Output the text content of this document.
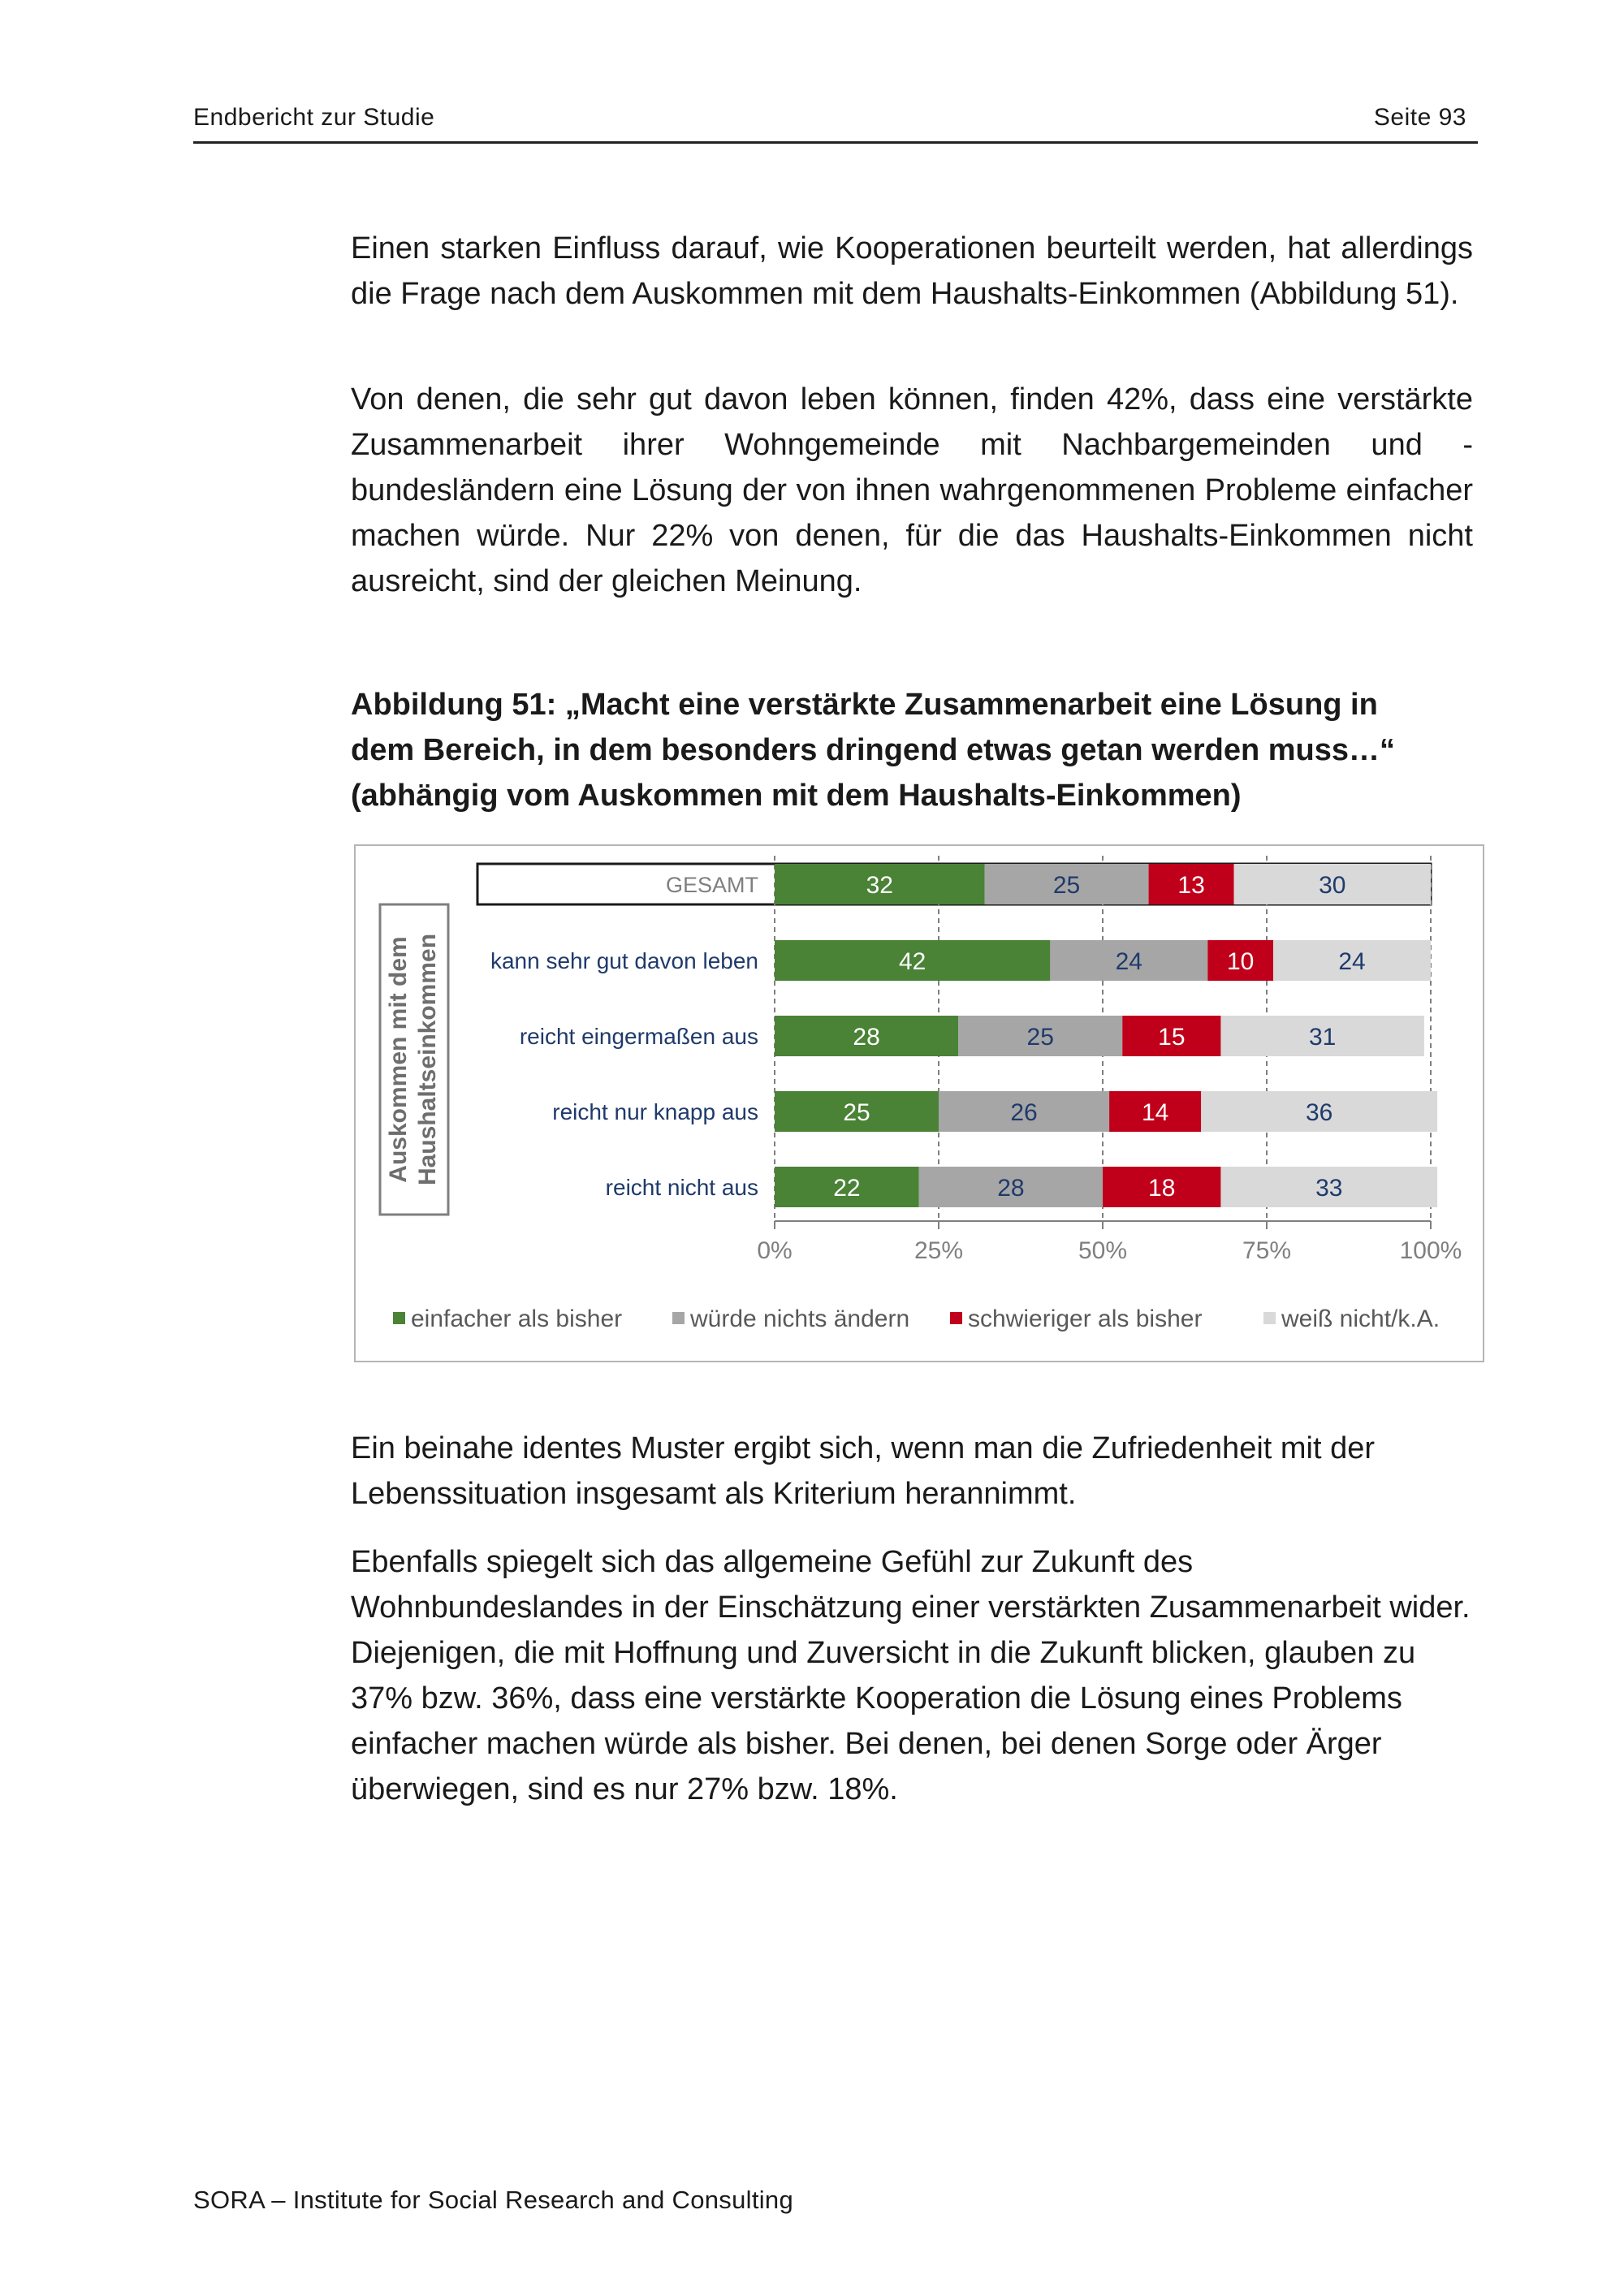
Endbericht zur Studie	Seite 93

Einen starken Einfluss darauf, wie Kooperationen beurteilt werden, hat allerdings die Frage nach dem Auskommen mit dem Haushalts-Einkommen (Abbildung 51).

Von denen, die sehr gut davon leben können, finden 42%, dass eine verstärkte Zusammenarbeit ihrer Wohngemeinde mit Nachbargemeinden und -bundesländern eine Lösung der von ihnen wahrgenommenen Probleme einfacher machen würde. Nur 22% von denen, für die das Haushalts-Einkommen nicht ausreicht, sind der gleichen Meinung.

Abbildung 51: „Macht eine verstärkte Zusammenarbeit eine Lösung in
dem Bereich, in dem besonders dringend etwas getan werden muss…“
(abhängig vom Auskommen mit dem Haushalts-Einkommen)
Auskommen mit dem Haushaltseinkommen
32	25	13	30
GESAMT
42	24	10	24
kann sehr gut davon leben
28	25	15	31
reicht eingermaßen aus
25	26	14	36
reicht nur knapp aus
22	28	18	33
reicht nicht aus
0%	25%	50%	75%	100%
einfacher als bisher	würde nichts ändern schwieriger als bisher	weiß nicht/k.A.

Ein beinahe identes Muster ergibt sich, wenn man die Zufriedenheit mit der Lebenssituation insgesamt als Kriterium herannimmt.

Ebenfalls spiegelt sich das allgemeine Gefühl zur Zukunft des Wohnbundeslandes in der Einschätzung einer verstärkten Zusammenarbeit wider. Diejenigen, die mit Hoffnung und Zuversicht in die Zukunft blicken, glauben zu 37% bzw. 36%, dass eine verstärkte Kooperation die Lösung eines Problems einfacher machen würde als bisher. Bei denen, bei denen Sorge oder Ärger überwiegen, sind es nur 27% bzw. 18%.

SORA – Institute for Social Research and Consulting
